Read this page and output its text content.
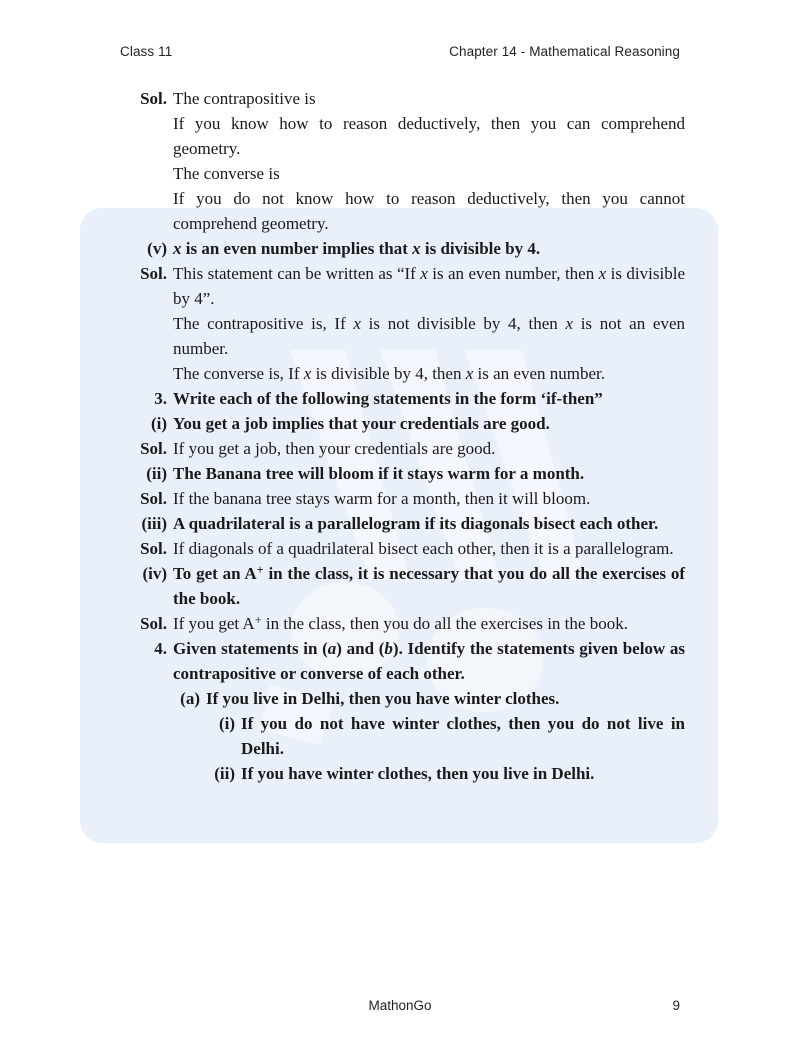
Class 11	Chapter 14 - Mathematical Reasoning
Sol. The contrapositive is
If you know how to reason deductively, then you can comprehend geometry.
The converse is
If you do not know how to reason deductively, then you cannot comprehend geometry.
(v) x is an even number implies that x is divisible by 4.
Sol. This statement can be written as “If x is an even number, then x is divisible by 4”.
The contrapositive is, If x is not divisible by 4, then x is not an even number.
The converse is, If x is divisible by 4, then x is an even number.
3. Write each of the following statements in the form ‘if-then”
(i) You get a job implies that your credentials are good.
Sol. If you get a job, then your credentials are good.
(ii) The Banana tree will bloom if it stays warm for a month.
Sol. If the banana tree stays warm for a month, then it will bloom.
(iii) A quadrilateral is a parallelogram if its diagonals bisect each other.
Sol. If diagonals of a quadrilateral bisect each other, then it is a parallelogram.
(iv) To get an A+ in the class, it is necessary that you do all the exercises of the book.
Sol. If you get A+ in the class, then you do all the exercises in the book.
4. Given statements in (a) and (b). Identify the statements given below as contrapositive or converse of each other.
(a) If you live in Delhi, then you have winter clothes.
(i) If you do not have winter clothes, then you do not live in Delhi.
(ii) If you have winter clothes, then you live in Delhi.
MathonGo	9
